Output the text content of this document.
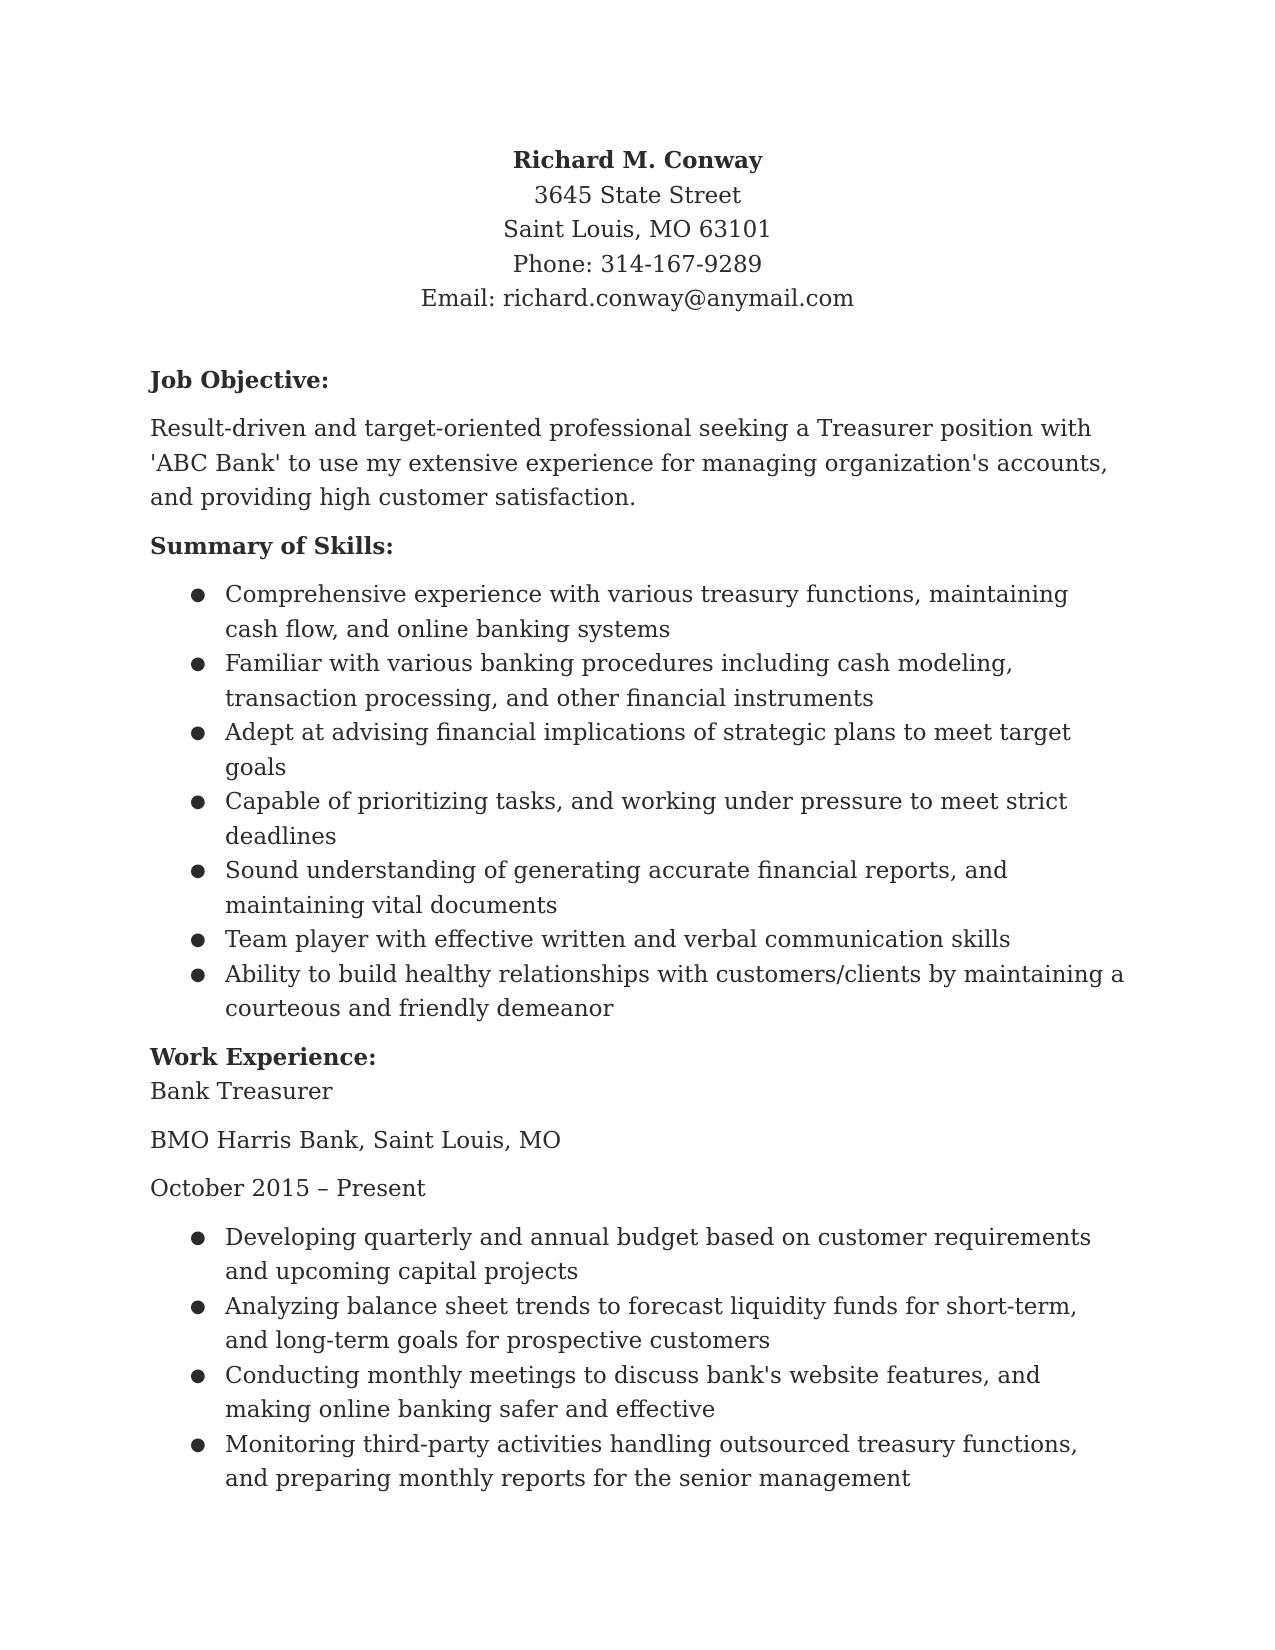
Richard M. Conway
3645 State Street
Saint Louis, MO 63101
Phone: 314-167-9289
Email: richard.conway@anymail.com

Job Objective:

Result-driven and target-oriented professional seeking a Treasurer position with 'ABC Bank' to use my extensive experience for managing organization's accounts, and providing high customer satisfaction.

Summary of Skills:

● Comprehensive experience with various treasury functions, maintaining cash flow, and online banking systems
● Familiar with various banking procedures including cash modeling, transaction processing, and other financial instruments
● Adept at advising financial implications of strategic plans to meet target goals
● Capable of prioritizing tasks, and working under pressure to meet strict deadlines
● Sound understanding of generating accurate financial reports, and maintaining vital documents
● Team player with effective written and verbal communication skills
● Ability to build healthy relationships with customers/clients by maintaining a courteous and friendly demeanor

Work Experience:

Bank Treasurer

BMO Harris Bank, Saint Louis, MO

October 2015 – Present

● Developing quarterly and annual budget based on customer requirements and upcoming capital projects
● Analyzing balance sheet trends to forecast liquidity funds for short-term, and long-term goals for prospective customers
● Conducting monthly meetings to discuss bank's website features, and making online banking safer and effective
● Monitoring third-party activities handling outsourced treasury functions, and preparing monthly reports for the senior management
